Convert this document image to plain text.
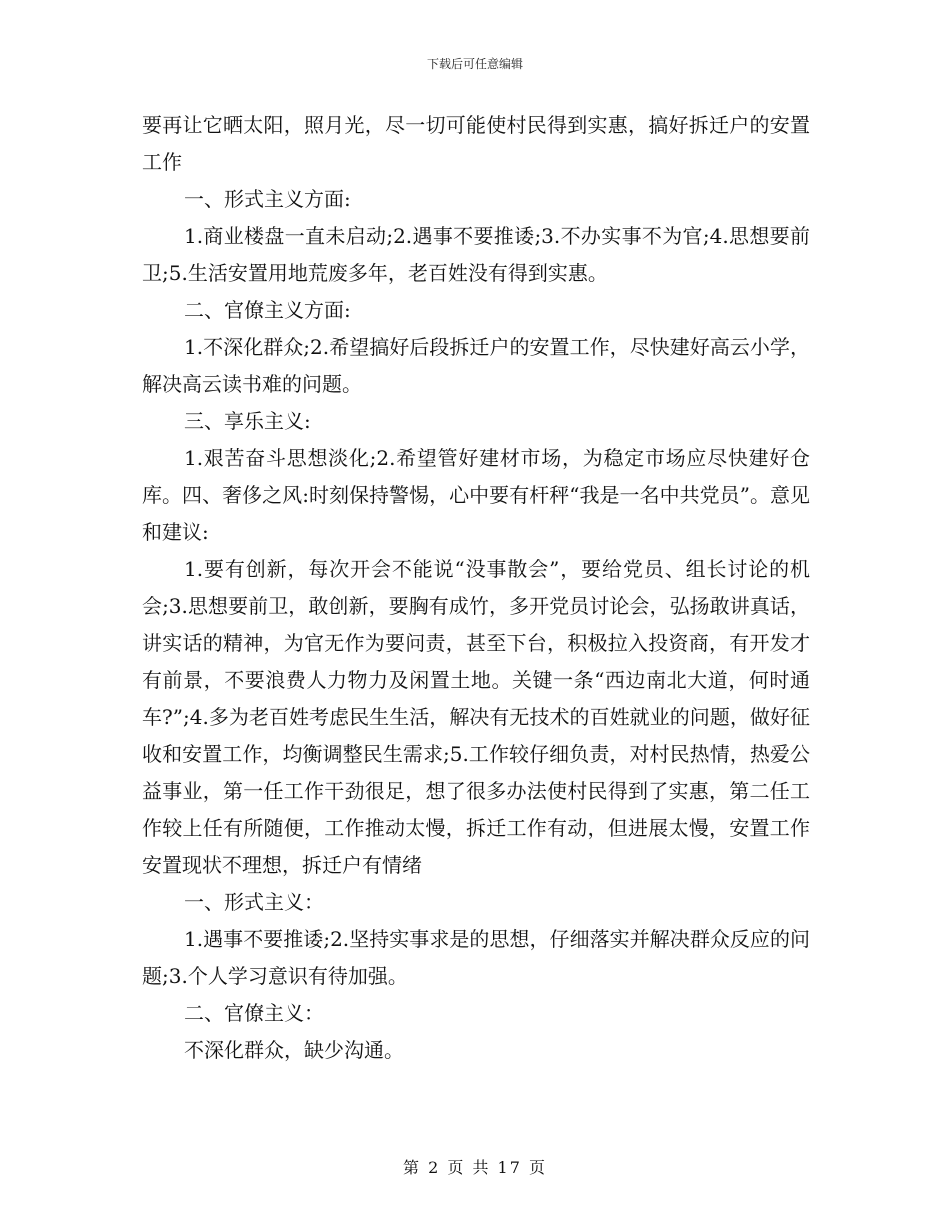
下载后可任意编辑

要再让它晒太阳，照月光，尽一切可能使村民得到实惠，搞好拆迁户的安置工作

一、形式主义方面:

1.商业楼盘一直未启动;2.遇事不要推诿;3.不办实事不为官;4.思想要前卫;5.生活安置用地荒废多年，老百姓没有得到实惠。

二、官僚主义方面:

1.不深化群众;2.希望搞好后段拆迁户的安置工作，尽快建好高云小学，解决高云读书难的问题。

三、享乐主义:

1.艰苦奋斗思想淡化;2.希望管好建材市场，为稳定市场应尽快建好仓库。四、奢侈之风:时刻保持警惕，心中要有杆秤“我是一名中共党员”。意见和建议:

1.要有创新，每次开会不能说“没事散会”，要给党员、组长讨论的机会;3.思想要前卫，敢创新，要胸有成竹，多开党员讨论会，弘扬敢讲真话，讲实话的精神，为官无作为要问责，甚至下台，积极拉入投资商，有开发才有前景，不要浪费人力物力及闲置土地。关键一条“西边南北大道，何时通车?”;4.多为老百姓考虑民生生活，解决有无技术的百姓就业的问题，做好征收和安置工作，均衡调整民生需求;5.工作较仔细负责，对村民热情，热爱公益事业，第一任工作干劲很足，想了很多办法使村民得到了实惠，第二任工作较上任有所随便，工作推动太慢，拆迁工作有动，但进展太慢，安置工作安置现状不理想，拆迁户有情绪

一、形式主义：

1.遇事不要推诿;2.坚持实事求是的思想，仔细落实并解决群众反应的问题;3.个人学习意识有待加强。

二、官僚主义：

不深化群众，缺少沟通。

第 2 页 共 17 页
